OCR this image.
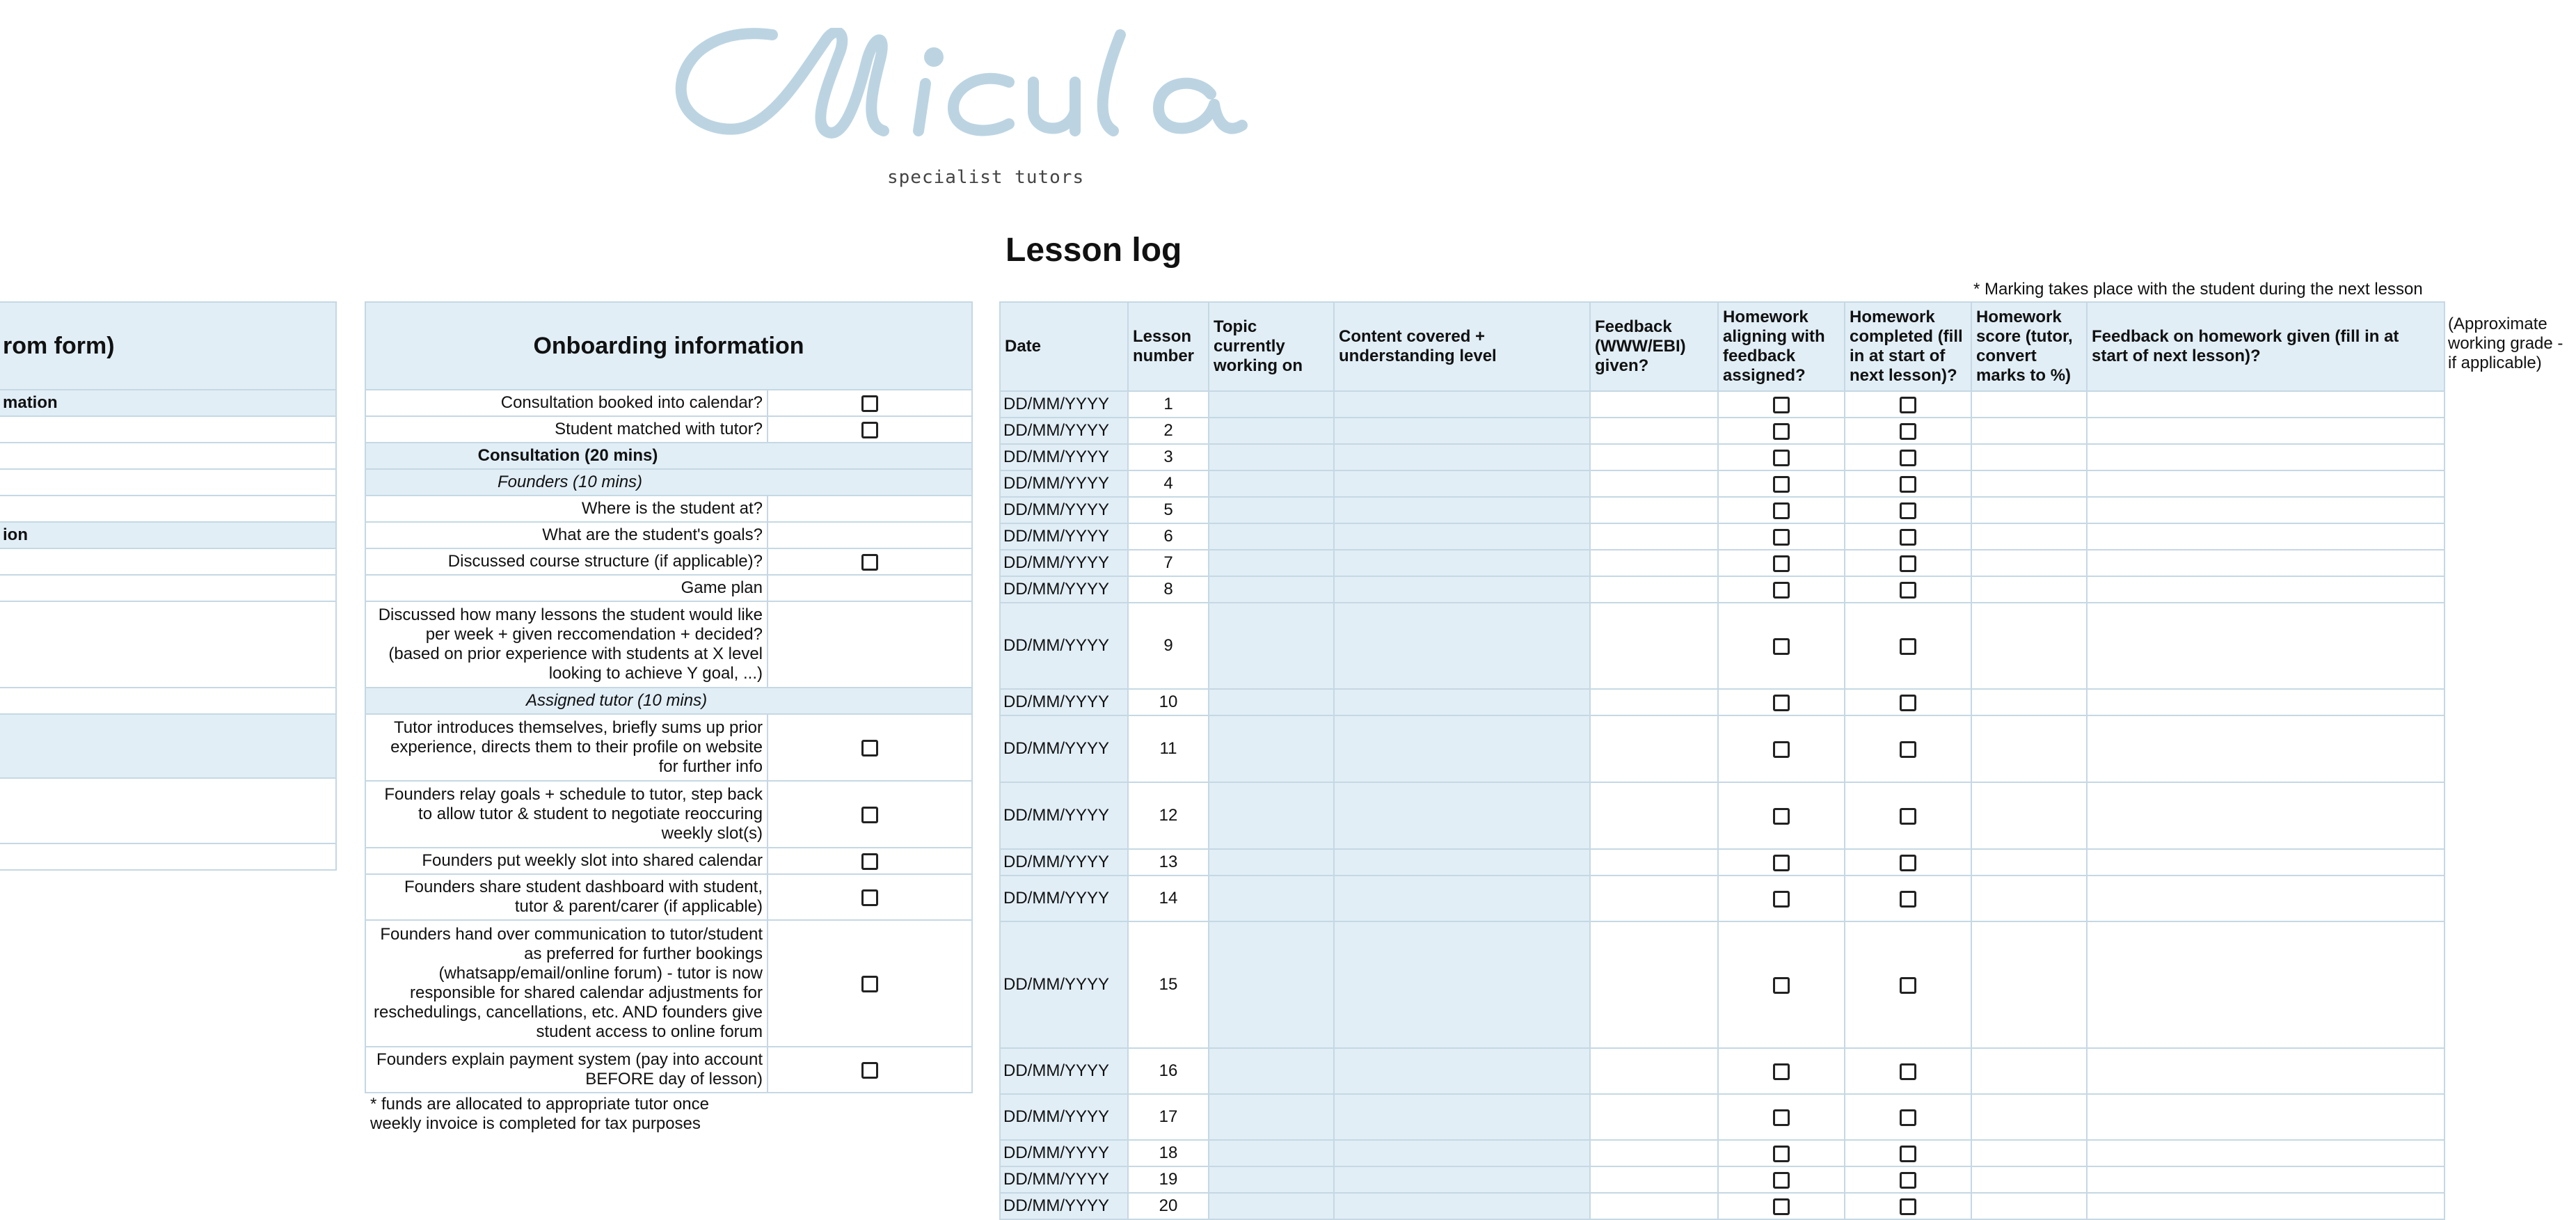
specialist tutors
Lesson log
* Marking takes place with the student during the next lesson
(Approximate working grade - if applicable)
rom form)
mation

ion

Onboarding information	
Consultation booked into calendar?	
Student matched with tutor?	
Consultation (20 mins)	
Founders (10 mins)	
Where is the student at?	
What are the student's goals?	
Discussed course structure (if applicable)?	
Game plan	
Discussed how many lessons the student would like per week + given reccomendation + decided? (based on prior experience with students at X level looking to achieve Y goal, ...)	
Assigned tutor (10 mins)	
Tutor introduces themselves, briefly sums up prior experience, directs them to their profile on website for further info	
Founders relay goals + schedule to tutor, step back to allow tutor & student to negotiate reoccuring weekly slot(s)	
Founders put weekly slot into shared calendar	
Founders share student dashboard with student, tutor & parent/carer (if applicable)	
Founders hand over communication to tutor/student as preferred for further bookings (whatsapp/email/online forum) - tutor is now responsible for shared calendar adjustments for reschedulings, cancellations, etc. AND founders give student access to online forum	
Founders explain payment system (pay into account BEFORE day of lesson)	
* funds are allocated to appropriate tutor once weekly invoice is completed for tax purposes
Date	Lesson number	Topic currently working on	Content covered + understanding level	Feedback (WWW/EBI) given?	Homework aligning with feedback assigned?	Homework completed (fill in at start of next lesson)?	Homework score (tutor, convert marks to %)	Feedback on homework given (fill in at start of next lesson)?
DD/MM/YYYY	1							
DD/MM/YYYY	2							
DD/MM/YYYY	3							
DD/MM/YYYY	4							
DD/MM/YYYY	5							
DD/MM/YYYY	6							
DD/MM/YYYY	7							
DD/MM/YYYY	8							
DD/MM/YYYY	9							
DD/MM/YYYY	10							
DD/MM/YYYY	11							
DD/MM/YYYY	12							
DD/MM/YYYY	13							
DD/MM/YYYY	14							
DD/MM/YYYY	15							
DD/MM/YYYY	16							
DD/MM/YYYY	17							
DD/MM/YYYY	18							
DD/MM/YYYY	19							
DD/MM/YYYY	20							
